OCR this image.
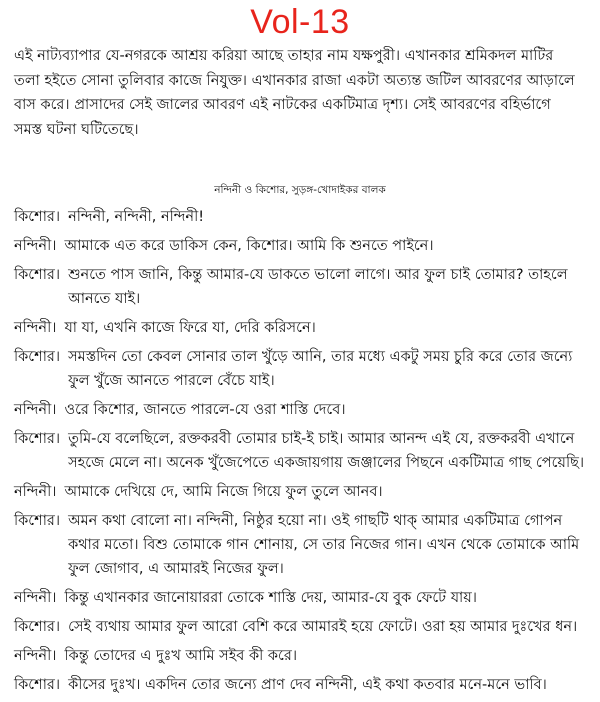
Vol-13

এই নাট্যব্যাপার যে-নগরকে আশ্রয় করিয়া আছে তাহার নাম যক্ষপুরী। এখানকার শ্রমিকদল মাটির

তলা হইতে সোনা তুলিবার কাজে নিযুক্ত। এখানকার রাজা একটা অত্যন্ত জটিল আবরণের আড়ালে

বাস করে। প্রাসাদের সেই জালের আবরণ এই নাটকের একটিমাত্র দৃশ্য। সেই আবরণের বহির্ভাগে

সমস্ত ঘটনা ঘটিতেছে।

নন্দিনী ও কিশোর, সুড়ঙ্গ-খোদাইকর বালক
কিশোর। নন্দিনী, নন্দিনী, নন্দিনী!
নন্দিনী। আমাকে এত করে ডাকিস কেন, কিশোর। আমি কি শুনতে পাইনে।
কিশোর। শুনতে পাস জানি, কিন্তু আমার-যে ডাকতে ভালো লাগে। আর ফুল চাই তোমার? তাহলে আনতে যাই।
নন্দিনী। যা যা, এখনি কাজে ফিরে যা, দেরি করিসনে।
কিশোর। সমস্তদিন তো কেবল সোনার তাল খুঁড়ে আনি, তার মধ্যে একটু সময় চুরি করে তোর জন্যে ফুল খুঁজে আনতে পারলে বেঁচে যাই।
নন্দিনী। ওরে কিশোর, জানতে পারলে-যে ওরা শাস্তি দেবে।
কিশোর। তুমি-যে বলেছিলে, রক্তকরবী তোমার চাই-ই চাই। আমার আনন্দ এই যে, রক্তকরবী এখানে সহজে মেলে না। অনেক খুঁজেপেতে একজায়গায় জঞ্জালের পিছনে একটিমাত্র গাছ পেয়েছি।
নন্দিনী। আমাকে দেখিয়ে দে, আমি নিজে গিয়ে ফুল তুলে আনব।
কিশোর। অমন কথা বোলো না। নন্দিনী, নিষ্ঠুর হয়ো না। ওই গাছটি থাক্ আমার একটিমাত্র গোপন কথার মতো। বিশু তোমাকে গান শোনায়, সে তার নিজের গান। এখন থেকে তোমাকে আমি ফুল জোগাব, এ আমারই নিজের ফুল।
নন্দিনী। কিন্তু এখানকার জানোয়াররা তোকে শাস্তি দেয়, আমার-যে বুক ফেটে যায়।
কিশোর। সেই ব্যথায় আমার ফুল আরো বেশি করে আমারই হয়ে ফোটে। ওরা হয় আমার দুঃখের ধন।
নন্দিনী। কিন্তু তোদের এ দুঃখ আমি সইব কী করে।
কিশোর। কীসের দুঃখ। একদিন তোর জন্যে প্রাণ দেব নন্দিনী, এই কথা কতবার মনে-মনে ভাবি।
